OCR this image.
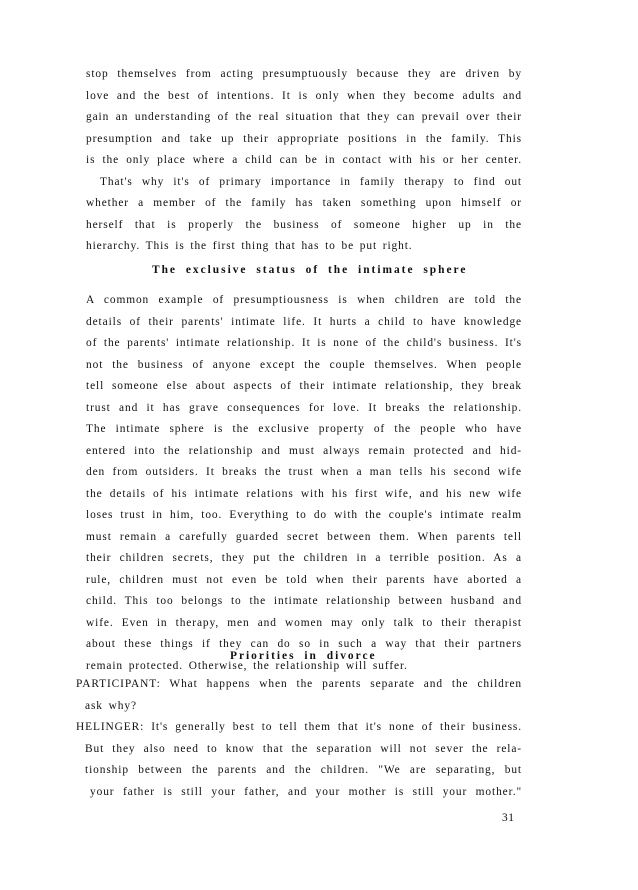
stop themselves from acting presumptuously because they are driven by
love and the best of intentions. It is only when they become adults and
gain an understanding of the real situation that they can prevail over their
presumption and take up their appropriate positions in the family. This
is the only place where a child can be in contact with his or her center.
That's why it's of primary importance in family therapy to find out
whether a member of the family has taken something upon himself or
herself that is properly the business of someone higher up in the
hierarchy. This is the first thing that has to be put right.
The exclusive status of the intimate sphere
A common example of presumptiousness is when children are told the
details of their parents' intimate life. It hurts a child to have knowledge
of the parents' intimate relationship. It is none of the child's business. It's
not the business of anyone except the couple themselves. When people
tell someone else about aspects of their intimate relationship, they break
trust and it has grave consequences for love. It breaks the relationship.
The intimate sphere is the exclusive property of the people who have
entered into the relationship and must always remain protected and hid-
den from outsiders. It breaks the trust when a man tells his second wife
the details of his intimate relations with his first wife, and his new wife
loses trust in him, too. Everything to do with the couple's intimate realm
must remain a carefully guarded secret between them. When parents tell
their children secrets, they put the children in a terrible position. As a
rule, children must not even be told when their parents have aborted a
child. This too belongs to the intimate relationship between husband and
wife. Even in therapy, men and women may only talk to their therapist
about these things if they can do so in such a way that their partners
remain protected. Otherwise, the relationship will suffer.
Priorities in divorce
PARTICIPANT: What happens when the parents separate and the children
ask why?
HELINGER: It's generally best to tell them that it's none of their business.
But they also need to know that the separation will not sever the rela-
tionship between the parents and the children. "We are separating, but
your father is still your father, and your mother is still your mother."
31
